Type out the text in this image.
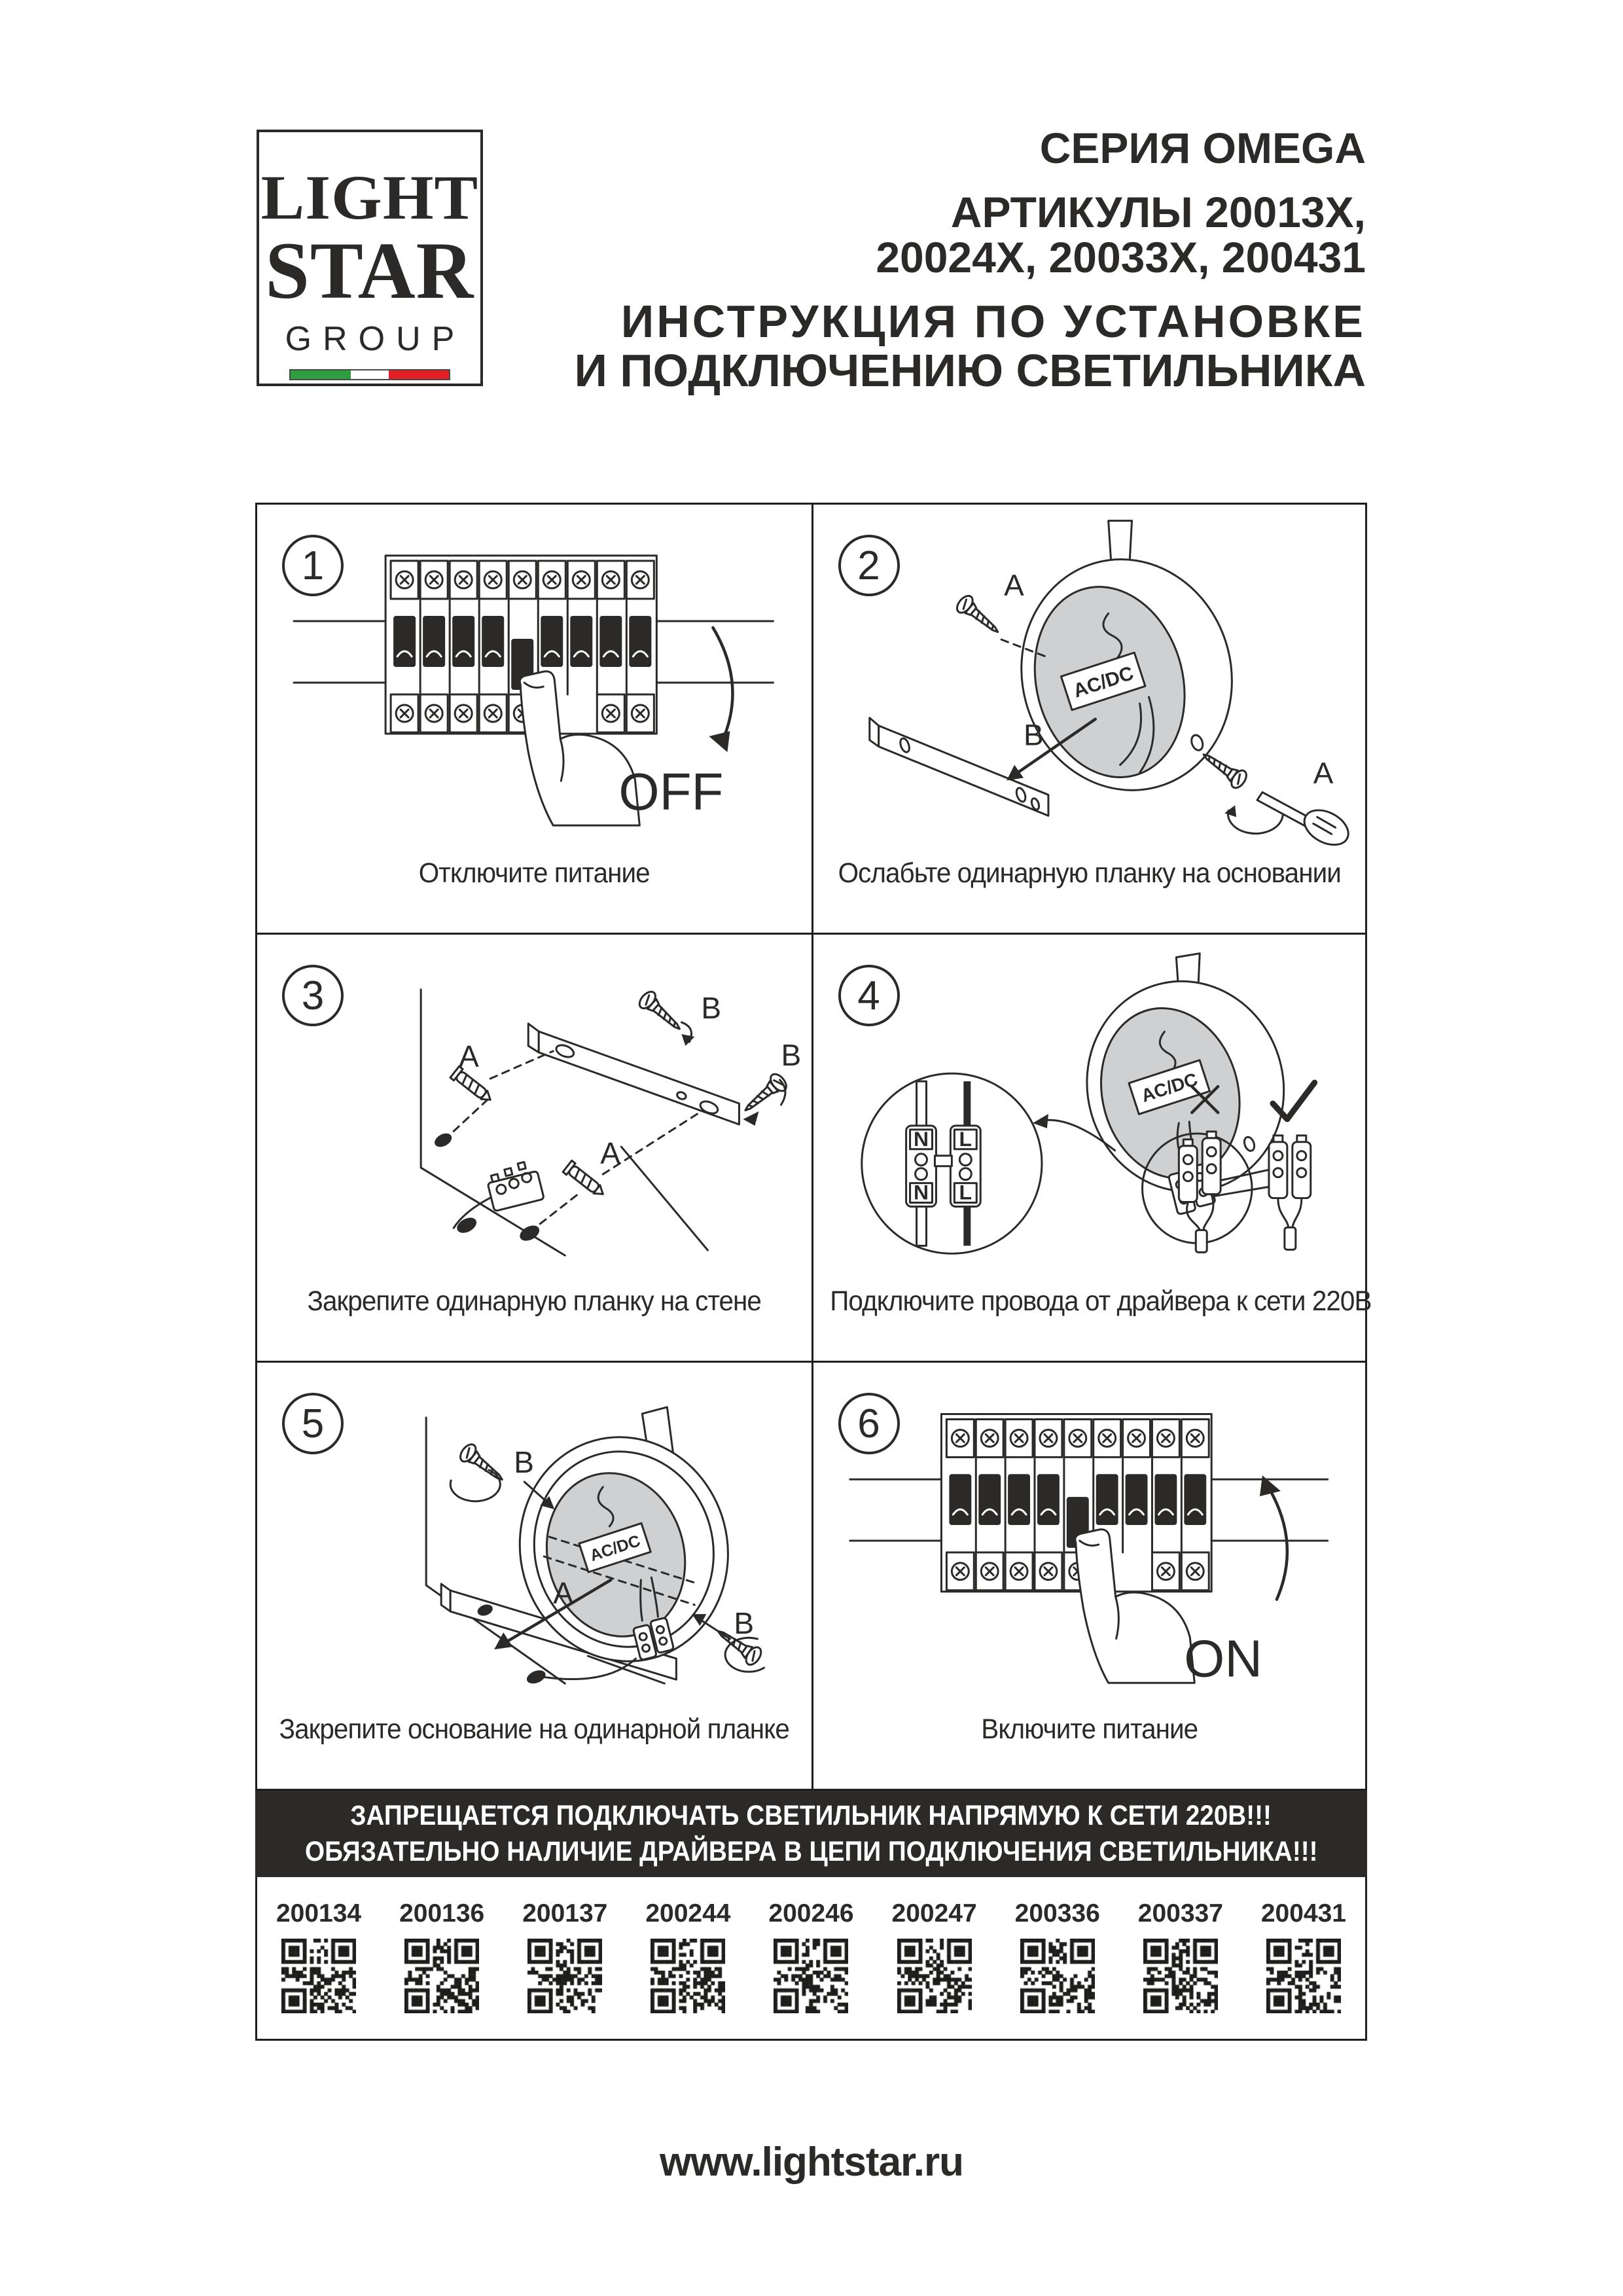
LIGHT
STAR
GROUP
СЕРИЯ OMEGA
АРТИКУЛЫ 20013Х,
20024Х, 20033Х, 200431
ИНСТРУКЦИЯ ПО УСТАНОВКЕ
И ПОДКЛЮЧЕНИЮ СВЕТИЛЬНИКА
1
OFF
Отключите питание
2
AC/DC
A
B
A
Ослабьте одинарную планку на основании
3	B
B
A
A
Закрепите одинарную планку на стене
4
AC/DC
N
N
L
L
Подключите провода от драйвера к сети 220В
5
AC/DC
B
B
A
Закрепите основание на одинарной планке
6
ON
Включите питание
ЗАПРЕЩАЕТСЯ ПОДКЛЮЧАТЬ СВЕТИЛЬНИК НАПРЯМУЮ К СЕТИ 220В!!!
ОБЯЗАТЕЛЬНО НАЛИЧИЕ ДРАЙВЕРА В ЦЕПИ ПОДКЛЮЧЕНИЯ СВЕТИЛЬНИКА!!!
200134 200136 200137 200244 200246 200247 200336 200337 200431
www.lightstar.ru
